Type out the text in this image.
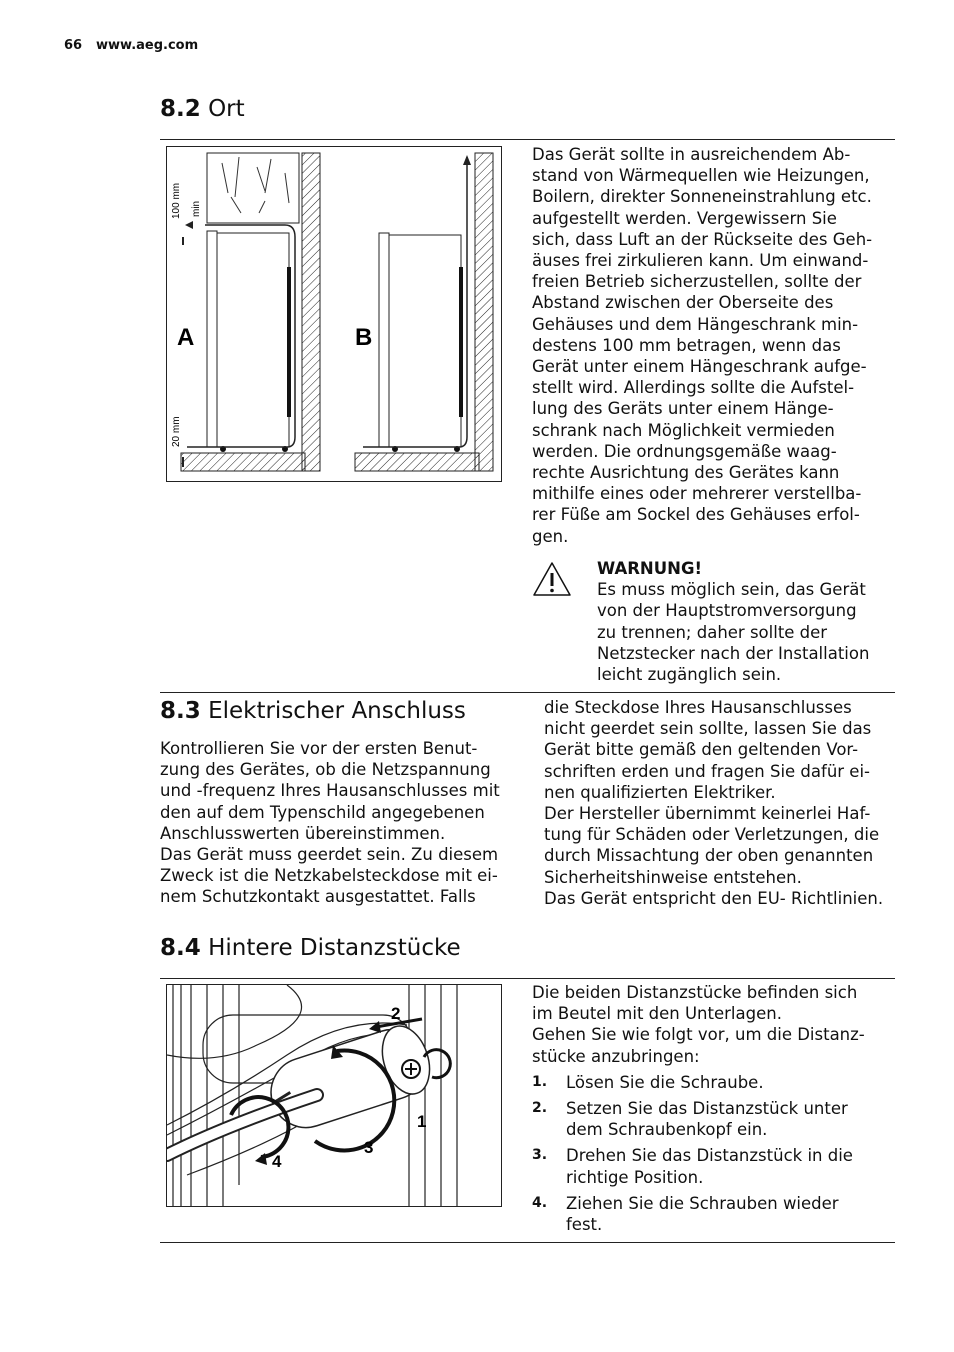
66 www.aeg.com
8.2 Ort
100 mm min
20 mm
A	B

Das Gerät sollte in ausreichendem Ab-

stand von Wärmequellen wie Heizungen,

Boilern, direkter Sonneneinstrahlung etc.

aufgestellt werden. Vergewissern Sie

sich, dass Luft an der Rückseite des Geh-

äuses frei zirkulieren kann. Um einwand-

freien Betrieb sicherzustellen, sollte der

Abstand zwischen der Oberseite des

Gehäuses und dem Hängeschrank min-

destens 100 mm betragen, wenn das

Gerät unter einem Hängeschrank aufge-

stellt wird. Allerdings sollte die Aufstel-

lung des Geräts unter einem Hänge-

schrank nach Möglichkeit vermieden

werden. Die ordnungsgemäße waag-

rechte Ausrichtung des Gerätes kann

mithilfe eines oder mehrerer verstellba-

rer Füße am Sockel des Gehäuses erfol-

gen.

WARNUNG!

Es muss möglich sein, das Gerät

von der Hauptstromversorgung

zu trennen; daher sollte der

Netzstecker nach der Installation

leicht zugänglich sein.

8.3 Elektrischer Anschluss

Kontrollieren Sie vor der ersten Benut-

zung des Gerätes, ob die Netzspannung

und -frequenz Ihres Hausanschlusses mit

den auf dem Typenschild angegebenen

Anschlusswerten übereinstimmen.

Das Gerät muss geerdet sein. Zu diesem

Zweck ist die Netzkabelsteckdose mit ei-

nem Schutzkontakt ausgestattet. Falls

die Steckdose Ihres Hausanschlusses

nicht geerdet sein sollte, lassen Sie das

Gerät bitte gemäß den geltenden Vor-

schriften erden und fragen Sie dafür ei-

nen qualifizierten Elektriker.

Der Hersteller übernimmt keinerlei Haf-

tung für Schäden oder Verletzungen, die

durch Missachtung der oben genannten

Sicherheitshinweise entstehen.

Das Gerät entspricht den EU- Richtlinien.

8.4 Hintere Distanzstücke
2
1
3
4

Die beiden Distanzstücke befinden sich

im Beutel mit den Unterlagen.

Gehen Sie wie folgt vor, um die Distanz-

stücke anzubringen:

1. Lösen Sie die Schraube.

2. Setzen Sie das Distanzstück unter

dem Schraubenkopf ein.

3. Drehen Sie das Distanzstück in die

richtige Position.

4. Ziehen Sie die Schrauben wieder

fest.
